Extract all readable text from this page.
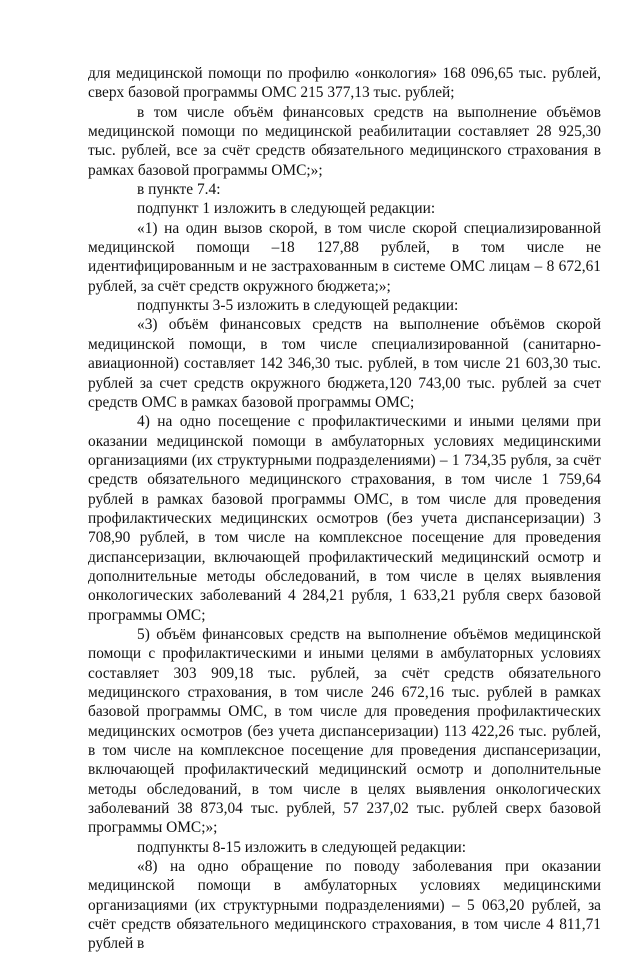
для медицинской помощи по профилю «онкология» 168 096,65 тыс. рублей, сверх базовой программы ОМС 215 377,13 тыс. рублей;

в том числе объём финансовых средств на выполнение объёмов медицинской помощи по медицинской реабилитации составляет 28 925,30 тыс. рублей, все за счёт средств обязательного медицинского страхования в рамках базовой программы ОМС;»;

в пункте 7.4:

подпункт 1 изложить в следующей редакции:

«1) на один вызов скорой, в том числе скорой специализированной медицинской помощи –18 127,88 рублей, в том числе не идентифицированным и не застрахованным в системе ОМС лицам – 8 672,61 рублей, за счёт средств окружного бюджета;»;

подпункты 3-5 изложить в следующей редакции:

«3) объём финансовых средств на выполнение объёмов скорой медицинской помощи, в том числе специализированной (санитарно-авиационной) составляет 142 346,30 тыс. рублей, в том числе 21 603,30 тыс. рублей за счет средств окружного бюджета,120 743,00 тыс. рублей за счет средств ОМС в рамках базовой программы ОМС;

4) на одно посещение с профилактическими и иными целями при оказании медицинской помощи в амбулаторных условиях медицинскими организациями (их структурными подразделениями) – 1 734,35 рубля, за счёт средств обязательного медицинского страхования, в том числе 1 759,64 рублей в рамках базовой программы ОМС, в том числе для проведения профилактических медицинских осмотров (без учета диспансеризации) 3 708,90 рублей, в том числе на комплексное посещение для проведения диспансеризации, включающей профилактический медицинский осмотр и дополнительные методы обследований, в том числе в целях выявления онкологических заболеваний 4 284,21 рубля, 1 633,21 рубля сверх базовой программы ОМС;

5) объём финансовых средств на выполнение объёмов медицинской помощи с профилактическими и иными целями в амбулаторных условиях составляет 303 909,18 тыс. рублей, за счёт средств обязательного медицинского страхования, в том числе 246 672,16 тыс. рублей в рамках базовой программы ОМС, в том числе для проведения профилактических медицинских осмотров (без учета диспансеризации) 113 422,26 тыс. рублей, в том числе на комплексное посещение для проведения диспансеризации, включающей профилактический медицинский осмотр и дополнительные методы обследований, в том числе в целях выявления онкологических заболеваний 38 873,04 тыс. рублей, 57 237,02 тыс. рублей сверх базовой программы ОМС;»;

подпункты 8-15 изложить в следующей редакции:

«8) на одно обращение по поводу заболевания при оказании медицинской помощи в амбулаторных условиях медицинскими организациями (их структурными подразделениями) – 5 063,20 рублей, за счёт средств обязательного медицинского страхования, в том числе 4 811,71 рублей в
